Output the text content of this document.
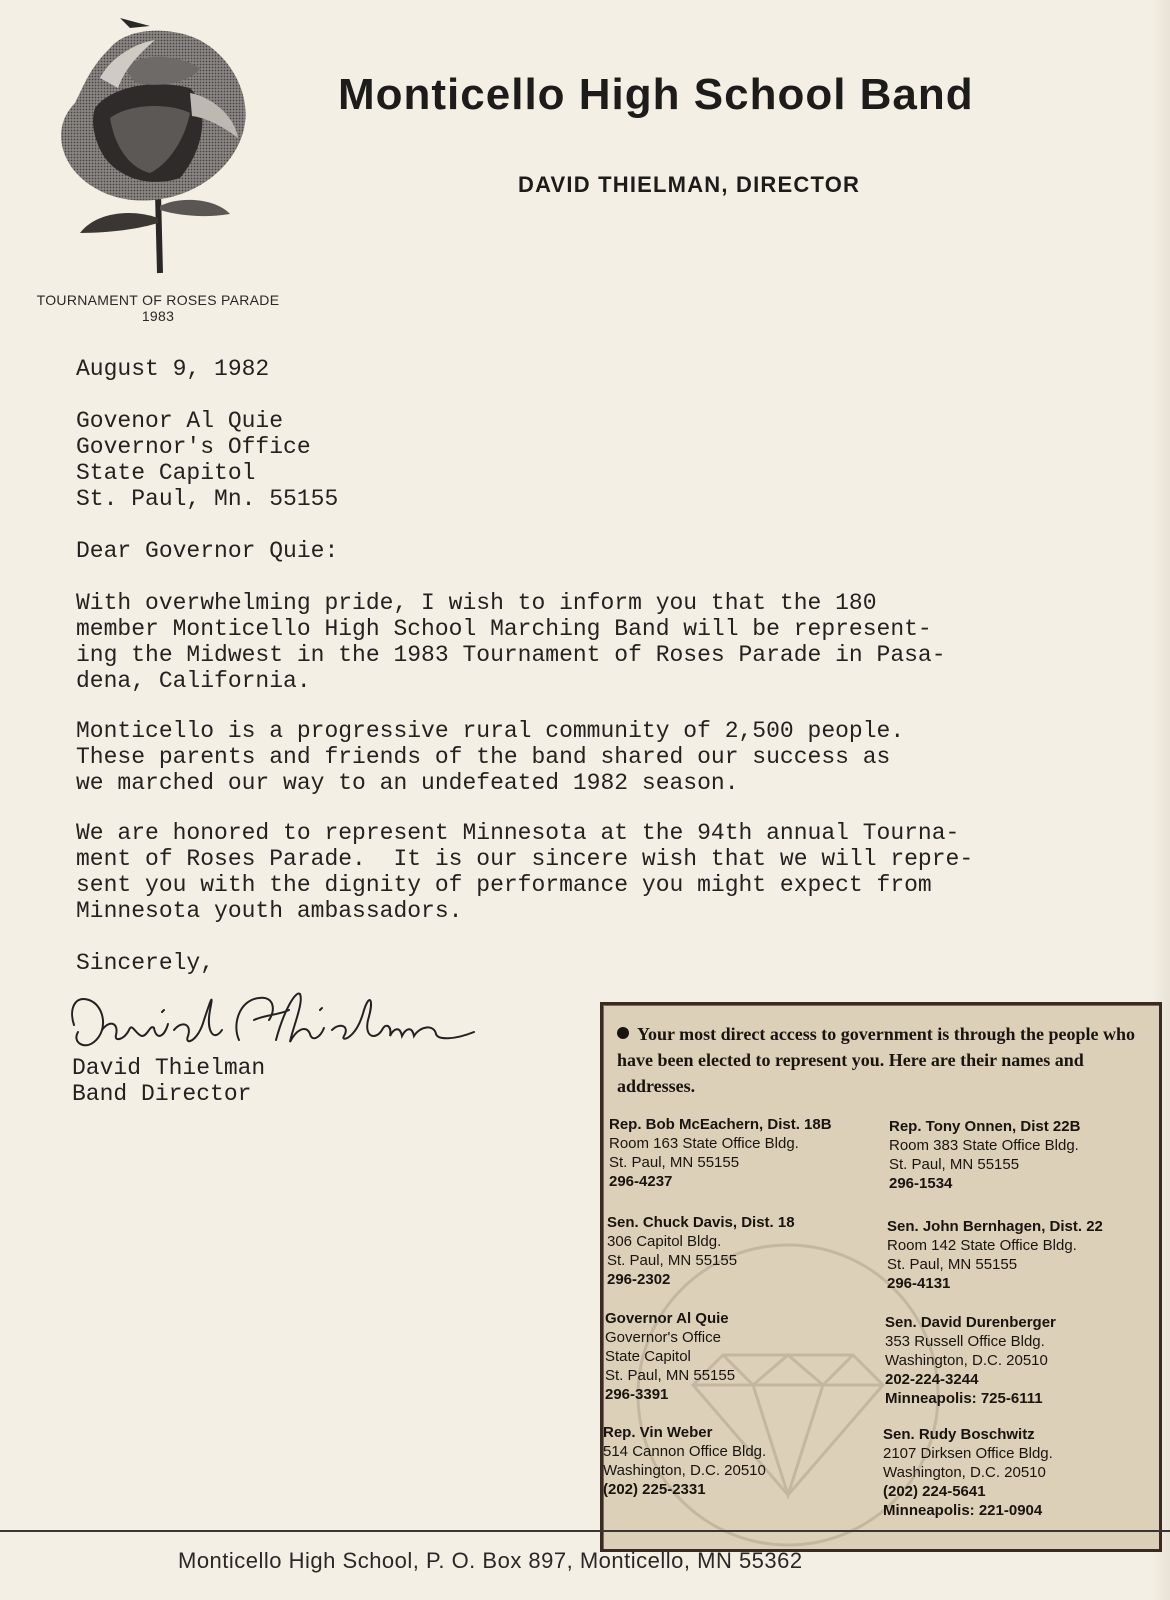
TOURNAMENT OF ROSES PARADE
1983
Monticello High School Band
DAVID THIELMAN, DIRECTOR
August 9, 1982
Govenor Al Quie
Governor's Office
State Capitol
St. Paul, Mn. 55155
Dear Governor Quie:
With overwhelming pride, I wish to inform you that the 180
member Monticello High School Marching Band will be represent-
ing the Midwest in the 1983 Tournament of Roses Parade in Pasa-
dena, California.
Monticello is a progressive rural community of 2,500 people.
These parents and friends of the band shared our success as
we marched our way to an undefeated 1982 season.
We are honored to represent Minnesota at the 94th annual Tourna-
ment of Roses Parade.  It is our sincere wish that we will repre-
sent you with the dignity of performance you might expect from
Minnesota youth ambassadors.
Sincerely,
David Thielman
Band Director
Your most direct access to government is through the people who have been elected to represent you. Here are their names and addresses.
Rep. Bob McEachern, Dist. 18B
Room 163 State Office Bldg.
St. Paul, MN 55155
296-4237
Sen. Chuck Davis, Dist. 18
306 Capitol Bldg.
St. Paul, MN 55155
296-2302
Governor Al Quie
Governor's Office
State Capitol
St. Paul, MN 55155
296-3391
Rep. Vin Weber
514 Cannon Office Bldg.
Washington, D.C. 20510
(202) 225-2331
Rep. Tony Onnen, Dist 22B
Room 383 State Office Bldg.
St. Paul, MN 55155
296-1534
Sen. John Bernhagen, Dist. 22
Room 142 State Office Bldg.
St. Paul, MN 55155
296-4131
Sen. David Durenberger
353 Russell Office Bldg.
Washington, D.C. 20510
202-224-3244
Minneapolis: 725-6111
Sen. Rudy Boschwitz
2107 Dirksen Office Bldg.
Washington, D.C. 20510
(202) 224-5641
Minneapolis: 221-0904
Monticello High School, P. O. Box 897, Monticello, MN 55362
